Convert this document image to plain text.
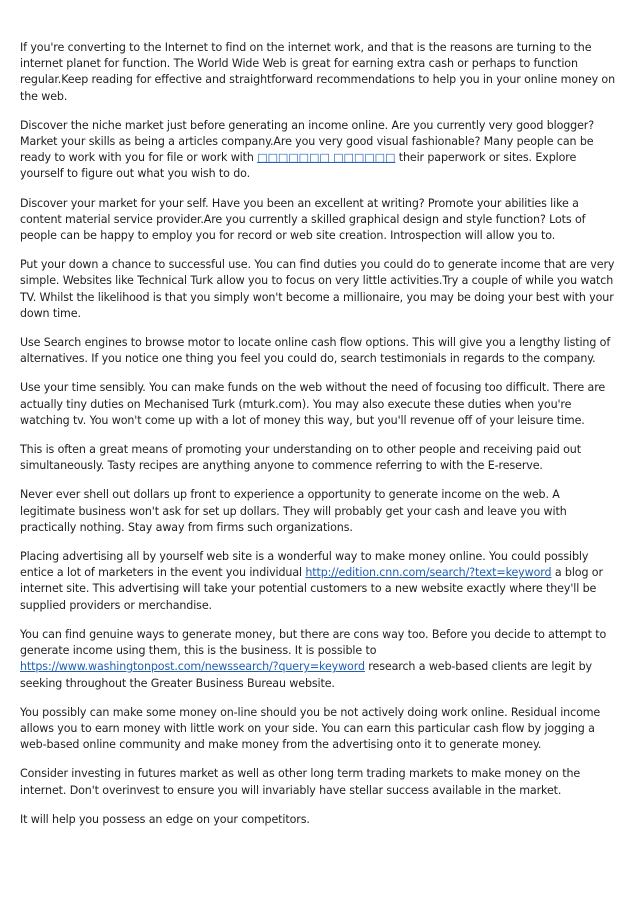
If you're converting to the Internet to find on the internet work, and that is the reasons are turning to the internet planet for function. The World Wide Web is great for earning extra cash or perhaps to function regular.Keep reading for effective and straightforward recommendations to help you in your online money on the web.

Discover the niche market just before generating an income online. Are you currently very good blogger? Market your skills as being a articles company.Are you very good visual fashionable? Many people can be ready to work with you for file or work with □□□□□□□ □□□□□□ their paperwork or sites. Explore yourself to figure out what you wish to do.

Discover your market for your self. Have you been an excellent at writing? Promote your abilities like a content material service provider.Are you currently a skilled graphical design and style function? Lots of people can be happy to employ you for record or web site creation. Introspection will allow you to.

Put your down a chance to successful use. You can find duties you could do to generate income that are very simple. Websites like Technical Turk allow you to focus on very little activities.Try a couple of while you watch TV. Whilst the likelihood is that you simply won't become a millionaire, you may be doing your best with your down time.

Use Search engines to browse motor to locate online cash flow options. This will give you a lengthy listing of alternatives. If you notice one thing you feel you could do, search testimonials in regards to the company.

Use your time sensibly. You can make funds on the web without the need of focusing too difficult. There are actually tiny duties on Mechanised Turk (mturk.com). You may also execute these duties when you're watching tv. You won't come up with a lot of money this way, but you'll revenue off of your leisure time.

This is often a great means of promoting your understanding on to other people and receiving paid out simultaneously. Tasty recipes are anything anyone to commence referring to with the E-reserve.

Never ever shell out dollars up front to experience a opportunity to generate income on the web. A legitimate business won't ask for set up dollars. They will probably get your cash and leave you with practically nothing. Stay away from firms such organizations.

Placing advertising all by yourself web site is a wonderful way to make money online. You could possibly entice a lot of marketers in the event you individual http://edition.cnn.com/search/?text=keyword a blog or internet site. This advertising will take your potential customers to a new website exactly where they'll be supplied providers or merchandise.

You can find genuine ways to generate money, but there are cons way too. Before you decide to attempt to generate income using them, this is the business. It is possible to https://www.washingtonpost.com/newssearch/?query=keyword research a web-based clients are legit by seeking throughout the Greater Business Bureau website.

You possibly can make some money on-line should you be not actively doing work online. Residual income allows you to earn money with little work on your side. You can earn this particular cash flow by jogging a web-based online community and make money from the advertising onto it to generate money.

Consider investing in futures market as well as other long term trading markets to make money on the internet. Don't overinvest to ensure you will invariably have stellar success available in the market.

It will help you possess an edge on your competitors.
